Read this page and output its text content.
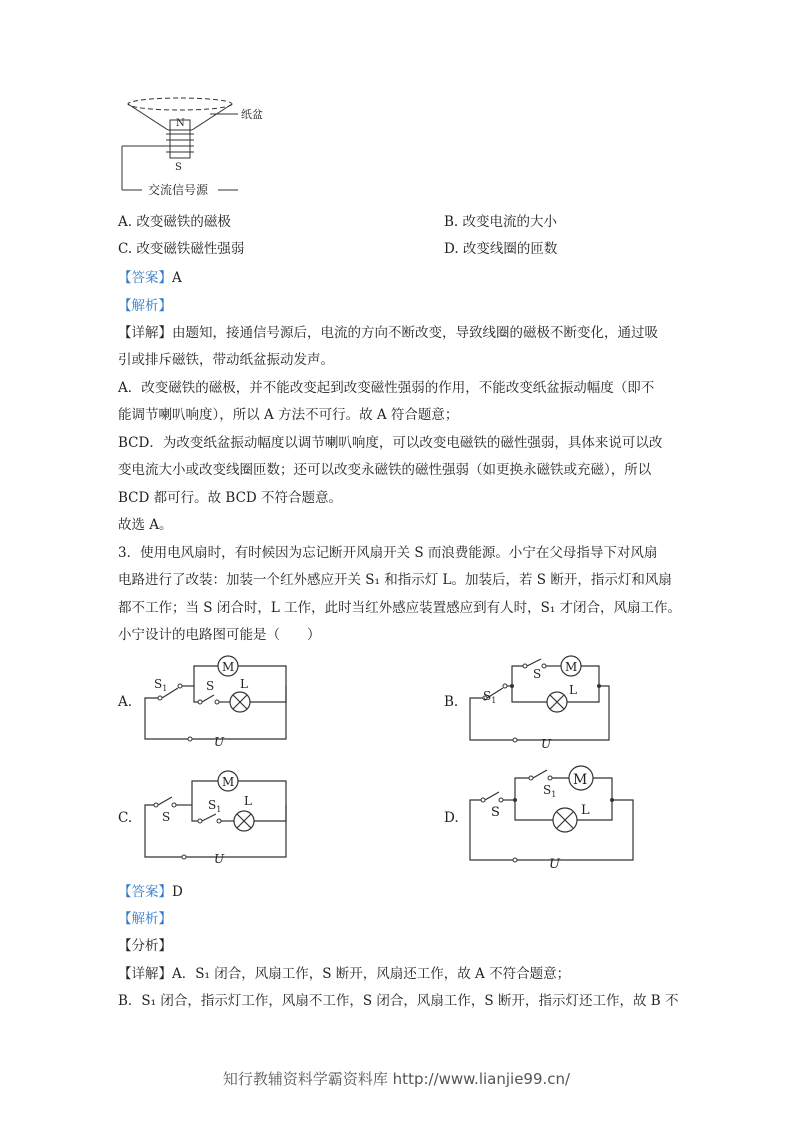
N
S
纸盆
交流信号源
A. 改变磁铁的磁极	B. 改变电流的大小
C. 改变磁铁磁性强弱	D. 改变线圈的匝数
【答案】A
【解析】
【详解】由题知，接通信号源后，电流的方向不断改变，导致线圈的磁极不断变化，通过吸
引或排斥磁铁，带动纸盆振动发声。
A．改变磁铁的磁极，并不能改变起到改变磁性强弱的作用，不能改变纸盆振动幅度（即不
能调节喇叭响度），所以 A 方法不可行。故 A 符合题意；
BCD．为改变纸盆振动幅度以调节喇叭响度，可以改变电磁铁的磁性强弱，具体来说可以改
变电流大小或改变线圈匝数；还可以改变永磁铁的磁性强弱（如更换永磁铁或充磁），所以
BCD 都可行。故 BCD 不符合题意。
故选 A。
3．使用电风扇时，有时候因为忘记断开风扇开关 S 而浪费能源。小宁在父母指导下对风扇
电路进行了改装：加装一个红外感应开关 S₁ 和指示灯 L。加装后，若 S 断开，指示灯和风扇
都不工作；当 S 闭合时，L 工作，此时当红外感应装置感应到有人时，S₁ 才闭合，风扇工作。
小宁设计的电路图可能是（　　）
A.
M
L
$S_1$	S
U
B.
M
S
L
$S_1$
U
C.
M
S
$S_1$
L
U
D.
M
S
$S_1$
L
U
【答案】D
【解析】
【分析】
【详解】A．S₁ 闭合，风扇工作，S 断开，风扇还工作，故 A 不符合题意；
B．S₁ 闭合，指示灯工作，风扇不工作，S 闭合，风扇工作，S 断开，指示灯还工作，故 B 不
知行教辅资料学霸资料库 http://www.lianjie99.cn/
